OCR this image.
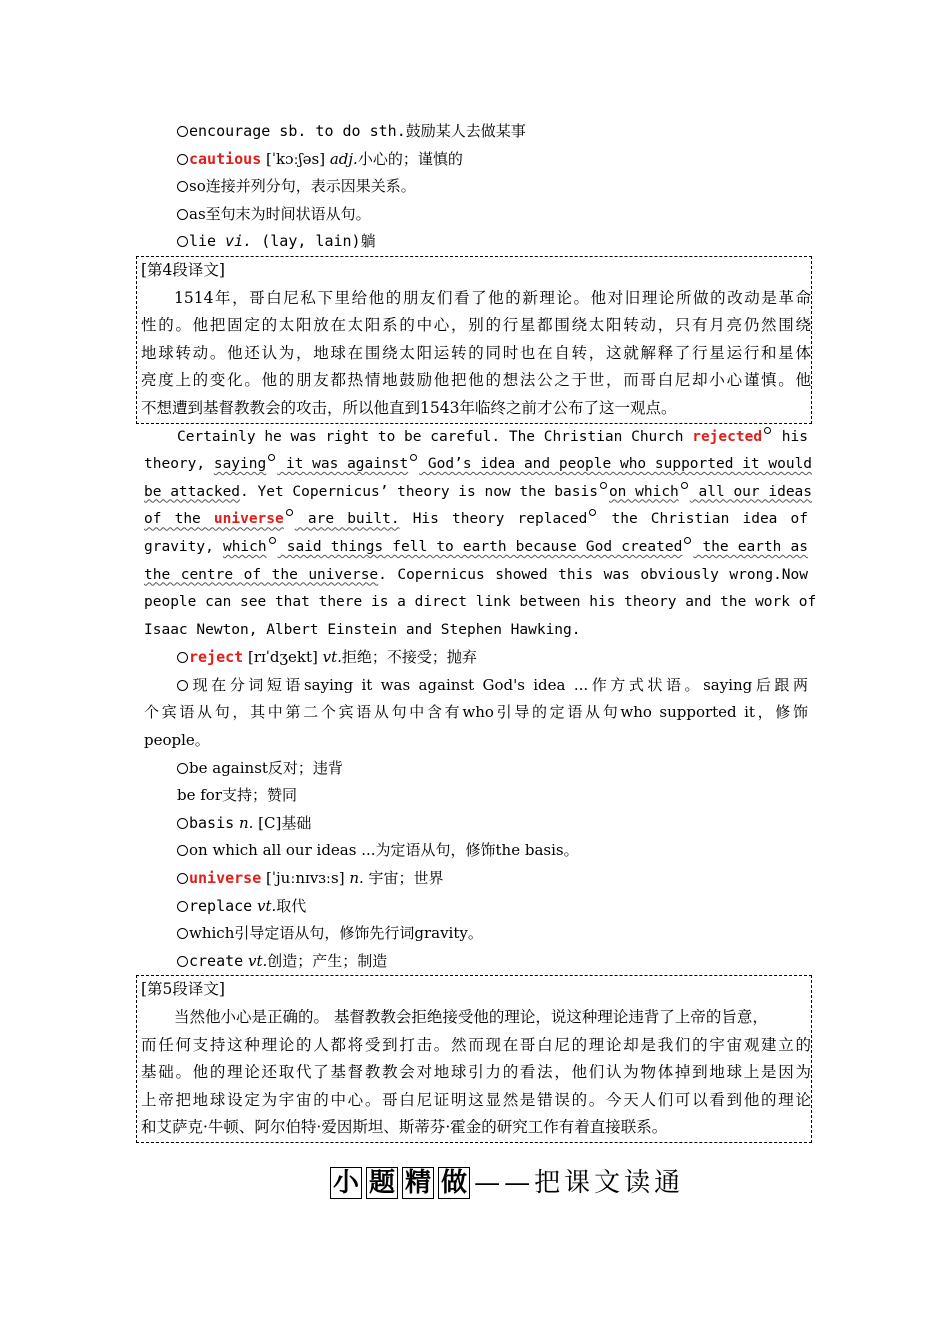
encourage sb. to do sth.鼓励某人去做某事
cautious [ˈkɔːʃəs] adj.小心的；谨慎的
so连接并列分句，表示因果关系。
as至句末为时间状语从句。
lie vi. (lay, lain)躺
[第4段译文]
1514年，哥白尼私下里给他的朋友们看了他的新理论。他对旧理论所做的改动是革命
性的。他把固定的太阳放在太阳系的中心，别的行星都围绕太阳转动，只有月亮仍然围绕
地球转动。他还认为，地球在围绕太阳运转的同时也在自转，这就解释了行星运行和星体
亮度上的变化。他的朋友都热情地鼓励他把他的想法公之于世，而哥白尼却小心谨慎。他
不想遭到基督教教会的攻击，所以他直到1543年临终之前才公布了这一观点。
Certainly he was right to be careful. The Christian Church rejected his
theory, saying it was against God’s idea and people who supported it would
be attacked. Yet Copernicus’ theory is now the basis on which all our ideas
of the universe are built. His theory replaced the Christian idea of
gravity, which said things fell to earth because God created the earth as
the centre of the universe. Copernicus showed this was obviously wrong.Now
people can see that there is a direct link between his theory and the work of
Isaac Newton, Albert Einstein and Stephen Hawking.
reject [rɪˈdʒekt] vt.拒绝；不接受；抛弃
现在分词短语saying it was against God's idea ...作方式状语。saying后跟两
个宾语从句，其中第二个宾语从句中含有who引导的定语从句who supported it，修饰
people。
be against反对；违背
be for支持；赞同
basis n. [C]基础
on which all our ideas ...为定语从句，修饰the basis。
universe [ˈjuːnɪvɜːs] n. 宇宙；世界
replace vt.取代
which引导定语从句，修饰先行词gravity。
create vt.创造；产生；制造
[第5段译文]
当然他小心是正确的。 基督教教会拒绝接受他的理论，说这种理论违背了上帝的旨意，
而任何支持这种理论的人都将受到打击。然而现在哥白尼的理论却是我们的宇宙观建立的
基础。他的理论还取代了基督教教会对地球引力的看法，他们认为物体掉到地球上是因为
上帝把地球设定为宇宙的中心。哥白尼证明这显然是错误的。今天人们可以看到他的理论
和艾萨克·牛顿、阿尔伯特·爱因斯坦、斯蒂芬·霍金的研究工作有着直接联系。
小 题 精 做 ——把课文读通
